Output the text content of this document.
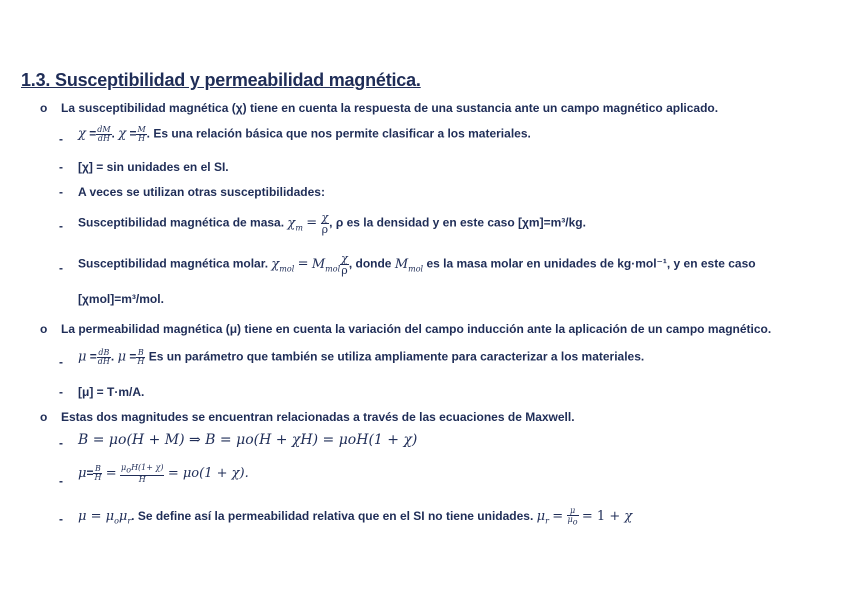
1.3. Susceptibilidad y permeabilidad magnética.
o La susceptibilidad magnética (χ) tiene en cuenta la respuesta de una sustancia ante un campo magnético aplicado.
- $\chi = \frac{dM}{dH}$ . $\chi = \frac{M}{H}$ . Es una relación básica que nos permite clasificar a los materiales.
- [χ] = sin unidades en el SI.
- A veces se utilizan otras susceptibilidades:
- Susceptibilidad magnética de masa. $\chi_m = \frac{\chi}{\rho}$ , ρ es la densidad y en este caso [χm]=m³/kg.
- Susceptibilidad magnética molar. $\chi_{mol} = M_{mol} \frac{\chi}{\rho}$ , donde $M_{mol}$ es la masa molar en unidades de kg·mol⁻¹, y en este caso
[χmol]=m³/mol.
o La permeabilidad magnética (μ) tiene en cuenta la variación del campo inducción ante la aplicación de un campo magnético.
- $\mu = \frac{dB}{dH}$ . $\mu = \frac{B}{H}$ Es un parámetro que también se utiliza ampliamente para caracterizar a los materiales.
- [μ] = T·m/A.
o Estas dos magnitudes se encuentran relacionadas a través de las ecuaciones de Maxwell.
- B = μo(H + M) ⇒ B = μo(H + χH) = μoH(1 + χ)
-
$\mu= \frac{B}{H} = \frac{\mu_oH(1+ \chi)}{H} = \mu o(1 + \chi)$.
- $\mu = \mu_o\mu_r$. Se define así la permeabilidad relativa que en el SI no tiene unidades. $\mu_r = \frac{\mu}{\mu_o} = 1 + \chi$
